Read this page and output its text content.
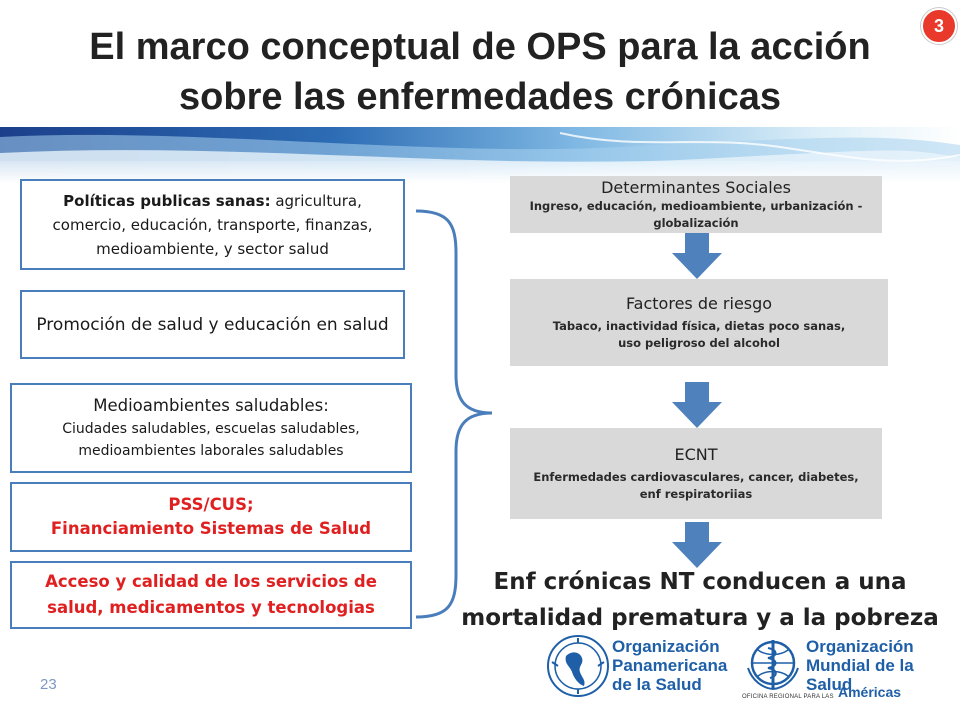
El marco conceptual de OPS para la acción
sobre las enfermedades crónicas
3
Políticas publicas sanas: agricultura, comercio, educación, transporte, finanzas, medioambiente, y sector salud
Promoción de salud y educación en salud
Medioambientes saludables:
Ciudades saludables, escuelas saludables, medioambientes laborales saludables
PSS/CUS;
Financiamiento Sistemas de Salud
Acceso y calidad de los servicios de salud, medicamentos y tecnologias
Determinantes Sociales
Ingreso, educación, medioambiente, urbanización - globalización
Factores de riesgo
Tabaco, inactividad física, dietas poco sanas, uso peligroso del alcohol
ECNT
Enfermedades cardiovasculares, cancer, diabetes, enf respiratoriias
Enf crónicas NT conducen a una
mortalidad prematura y a la pobreza
23
Organización
Panamericana
de la Salud
Organización
Mundial de la Salud
OFICINA REGIONAL PARA LAS Américas
